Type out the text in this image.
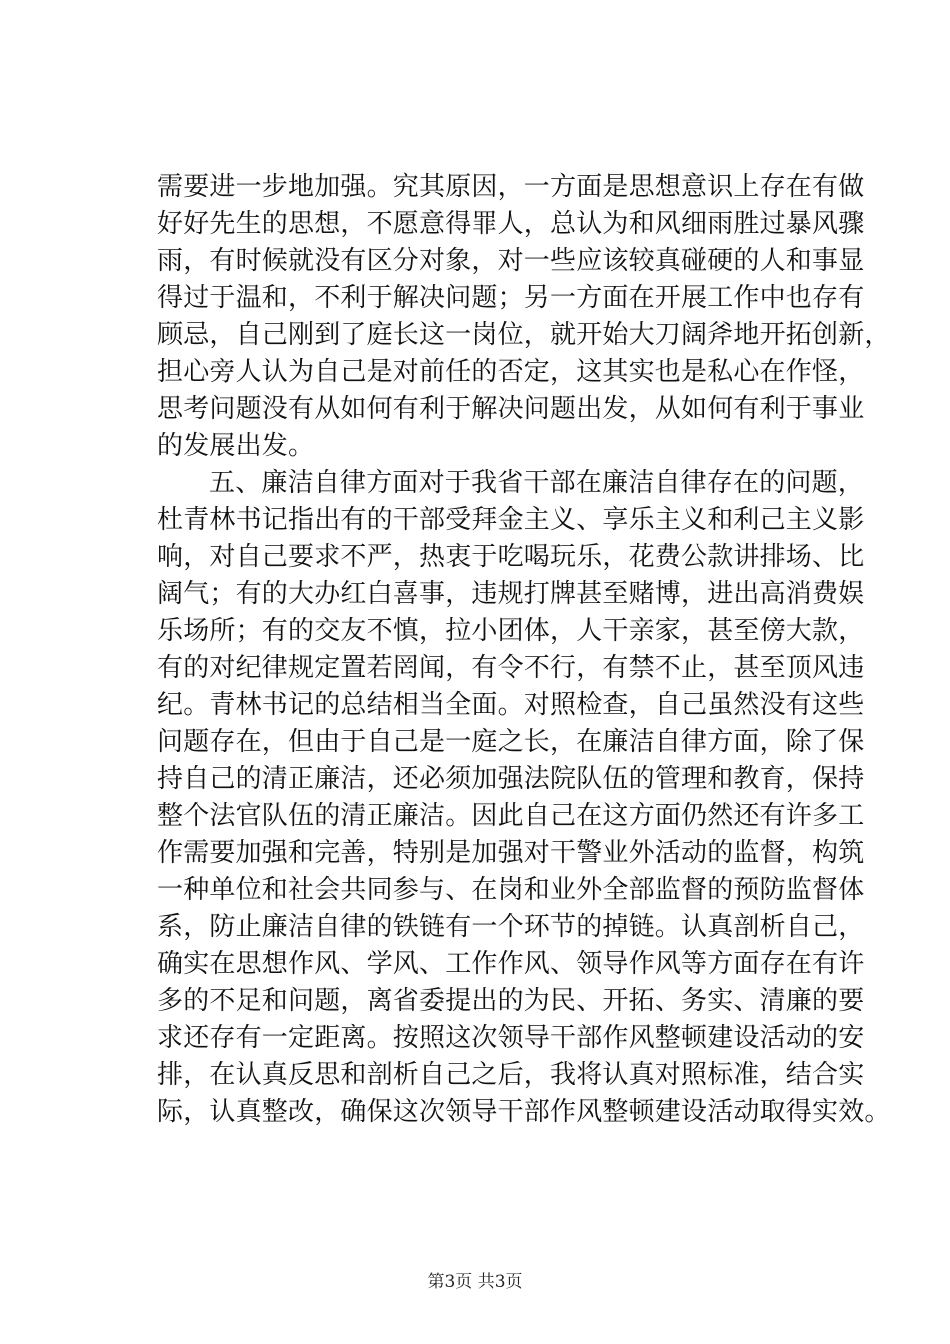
需要进一步地加强。究其原因，一方面是思想意识上存在有做
好好先生的思想，不愿意得罪人，总认为和风细雨胜过暴风骤
雨，有时候就没有区分对象，对一些应该较真碰硬的人和事显
得过于温和，不利于解决问题；另一方面在开展工作中也存有
顾忌，自己刚到了庭长这一岗位，就开始大刀阔斧地开拓创新，
担心旁人认为自己是对前任的否定，这其实也是私心在作怪，
思考问题没有从如何有利于解决问题出发，从如何有利于事业
的发展出发。
五、廉洁自律方面对于我省干部在廉洁自律存在的问题，
杜青林书记指出有的干部受拜金主义、享乐主义和利己主义影
响，对自己要求不严，热衷于吃喝玩乐，花费公款讲排场、比
阔气；有的大办红白喜事，违规打牌甚至赌博，进出高消费娱
乐场所；有的交友不慎，拉小团体，人干亲家，甚至傍大款，
有的对纪律规定置若罔闻，有令不行，有禁不止，甚至顶风违
纪。青林书记的总结相当全面。对照检查，自己虽然没有这些
问题存在，但由于自己是一庭之长，在廉洁自律方面，除了保
持自己的清正廉洁，还必须加强法院队伍的管理和教育，保持
整个法官队伍的清正廉洁。因此自己在这方面仍然还有许多工
作需要加强和完善，特别是加强对干警业外活动的监督，构筑
一种单位和社会共同参与、在岗和业外全部监督的预防监督体
系，防止廉洁自律的铁链有一个环节的掉链。认真剖析自己，
确实在思想作风、学风、工作作风、领导作风等方面存在有许
多的不足和问题，离省委提出的为民、开拓、务实、清廉的要
求还存有一定距离。按照这次领导干部作风整顿建设活动的安
排，在认真反思和剖析自己之后，我将认真对照标准，结合实
际，认真整改，确保这次领导干部作风整顿建设活动取得实效。
第3页 共3页
